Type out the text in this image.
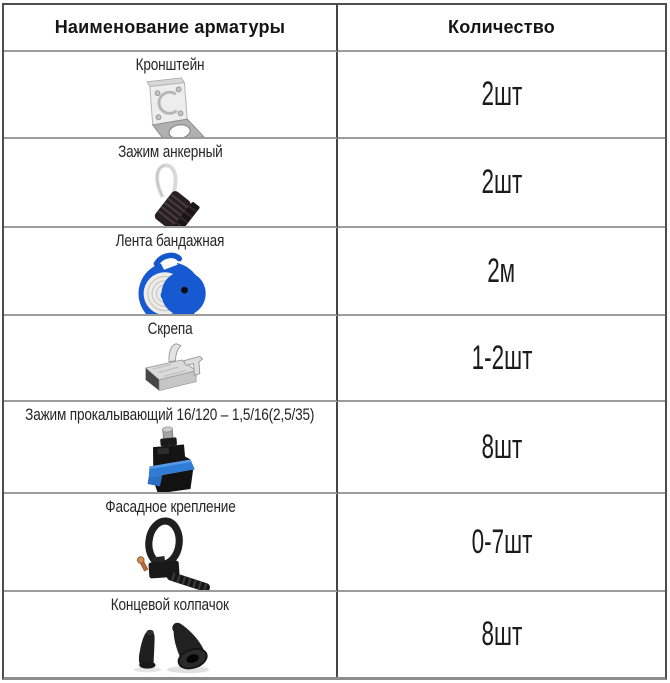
Наименование арматуры	Количество
Кронштейн
2шт
Зажим анкерный
2шт
Лента бандажная
2м
Скрепа
1-2шт
Зажим прокалывающий 16/120 – 1,5/16(2,5/35)
8шт
Фасадное крепление
0-7шт
Концевой колпачок
8шт
